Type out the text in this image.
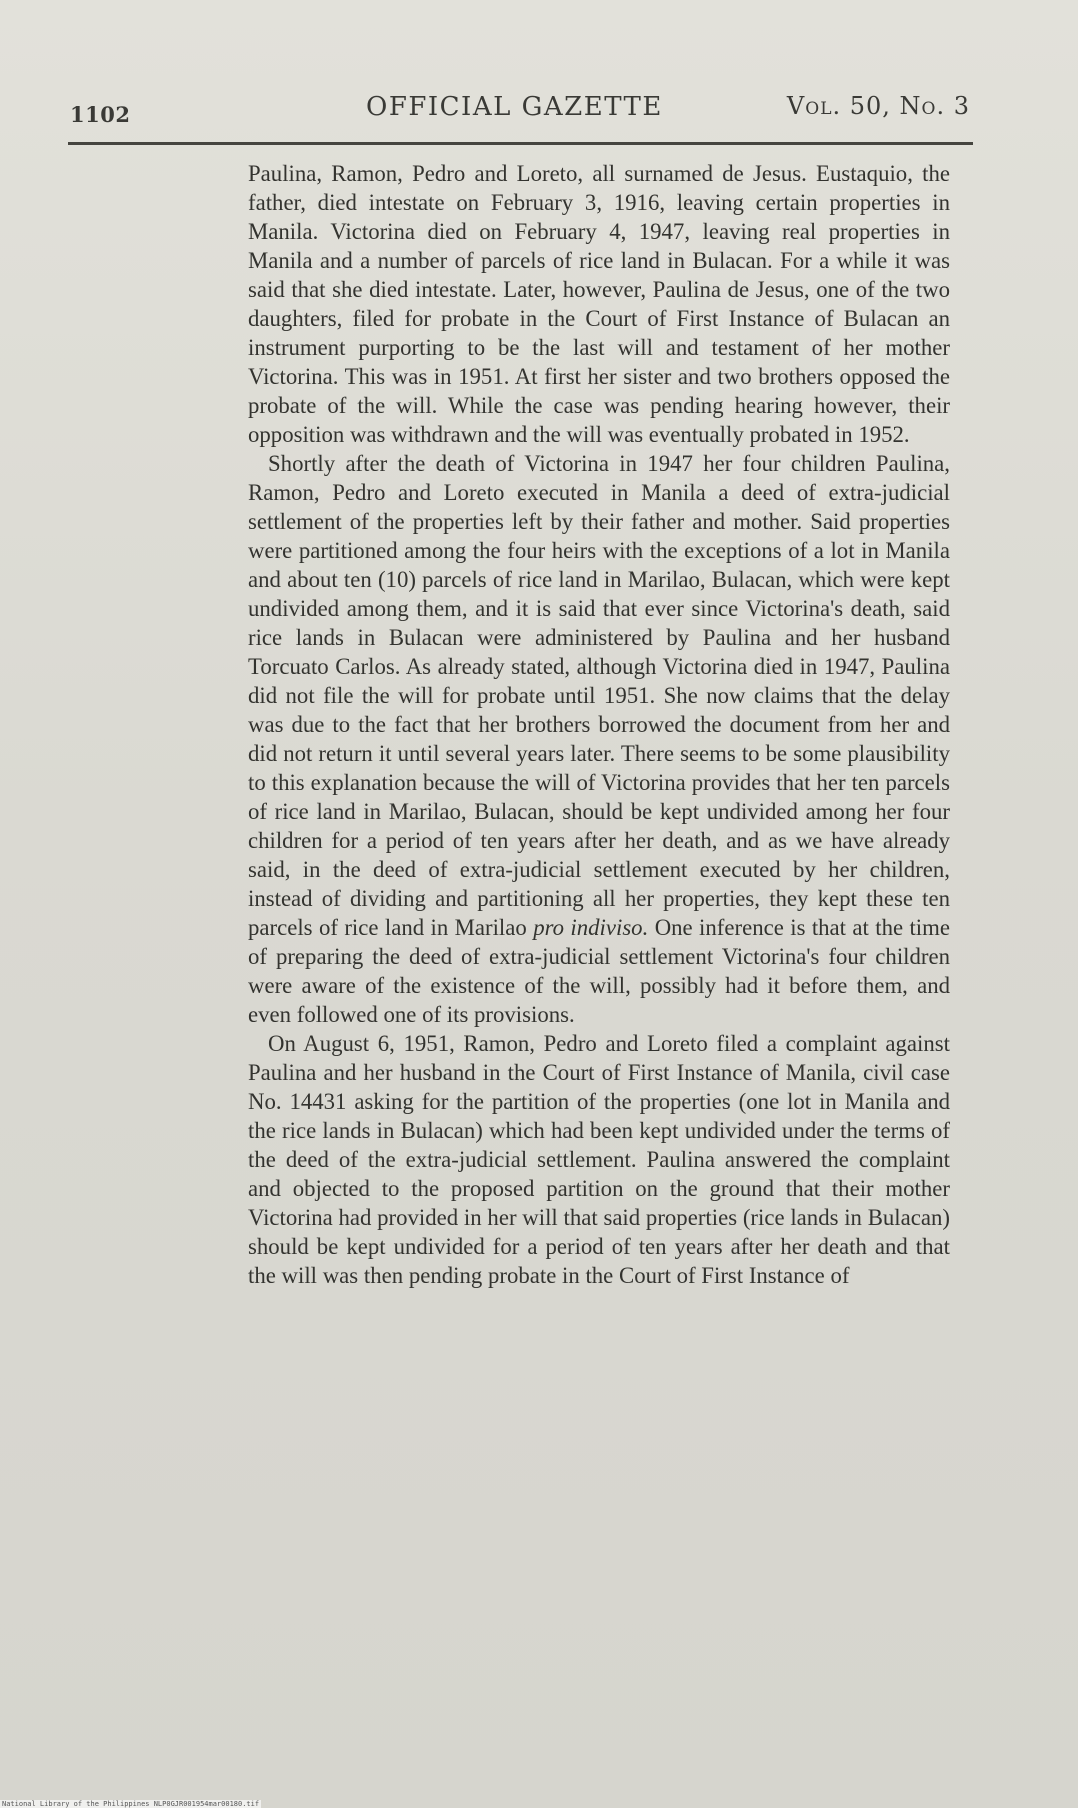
1102	OFFICIAL GAZETTE	Vol. 50, No. 3

Paulina, Ramon, Pedro and Loreto, all surnamed de Jesus. Eustaquio, the father, died intestate on February 3, 1916, leaving certain properties in Manila. Victorina died on February 4, 1947, leaving real properties in Manila and a number of parcels of rice land in Bulacan. For a while it was said that she died intestate. Later, however, Paulina de Jesus, one of the two daughters, filed for probate in the Court of First Instance of Bulacan an instrument purporting to be the last will and testament of her mother Victorina. This was in 1951. At first her sister and two brothers opposed the probate of the will. While the case was pending hearing however, their opposition was withdrawn and the will was eventually probated in 1952.

Shortly after the death of Victorina in 1947 her four children Paulina, Ramon, Pedro and Loreto executed in Manila a deed of extra-judicial settlement of the properties left by their father and mother. Said properties were partitioned among the four heirs with the exceptions of a lot in Manila and about ten (10) parcels of rice land in Marilao, Bulacan, which were kept undivided among them, and it is said that ever since Victorina's death, said rice lands in Bulacan were administered by Paulina and her husband Torcuato Carlos. As already stated, although Victorina died in 1947, Paulina did not file the will for probate until 1951. She now claims that the delay was due to the fact that her brothers borrowed the document from her and did not return it until several years later. There seems to be some plausibility to this explanation because the will of Victorina provides that her ten parcels of rice land in Marilao, Bulacan, should be kept undivided among her four children for a period of ten years after her death, and as we have already said, in the deed of extra-judicial settlement executed by her children, instead of dividing and partitioning all her properties, they kept these ten parcels of rice land in Marilao pro indiviso. One inference is that at the time of preparing the deed of extra-judicial settlement Victorina's four children were aware of the existence of the will, possibly had it before them, and even followed one of its provisions.

On August 6, 1951, Ramon, Pedro and Loreto filed a complaint against Paulina and her husband in the Court of First Instance of Manila, civil case No. 14431 asking for the partition of the properties (one lot in Manila and the rice lands in Bulacan) which had been kept undivided under the terms of the deed of the extra-judicial settlement. Paulina answered the complaint and objected to the proposed partition on the ground that their mother Victorina had provided in her will that said properties (rice lands in Bulacan) should be kept undivided for a period of ten years after her death and that the will was then pending probate in the Court of First Instance of

National Library of the Philippines NLP0GJR001954mar00180.tif
